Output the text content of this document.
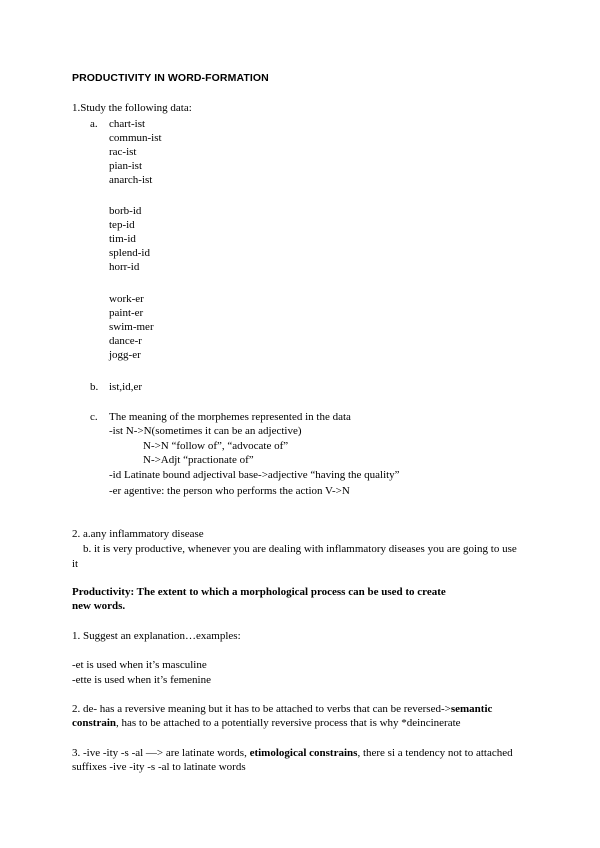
PRODUCTIVITY IN WORD-FORMATION
1.Study the following data:
a. chart-ist
commun-ist
rac-ist
pian-ist
anarch-ist
borb-id
tep-id
tim-id
splend-id
horr-id
work-er
paint-er
swim-mer
dance-r
jogg-er
b. ist,id,er
c. The meaning of the morphemes represented in the data
-ist N->N(sometimes it can be an adjective)
N->N “follow of”, “advocate of”
N->Adjt “practionate of”
-id Latinate bound adjectival base->adjective “having the quality”
-er agentive: the person who performs the action V->N
2. a.any inflammatory disease
b. it is very productive, whenever you are dealing with inflammatory diseases you are going to use
it
Productivity: The extent to which a morphological process can be used to create
new words.
1. Suggest an explanation…examples:
-et is used when it’s masculine
-ette is used when it’s femenine
2. de- has a reversive meaning but it has to be attached to verbs that can be reversed->semantic
constrain, has to be attached to a potentially reversive process that is why *deincinerate
3. -ive -ity -s -al —> are latinate words, etimological constrains, there si a tendency not to attached
suffixes -ive -ity -s -al to latinate words
